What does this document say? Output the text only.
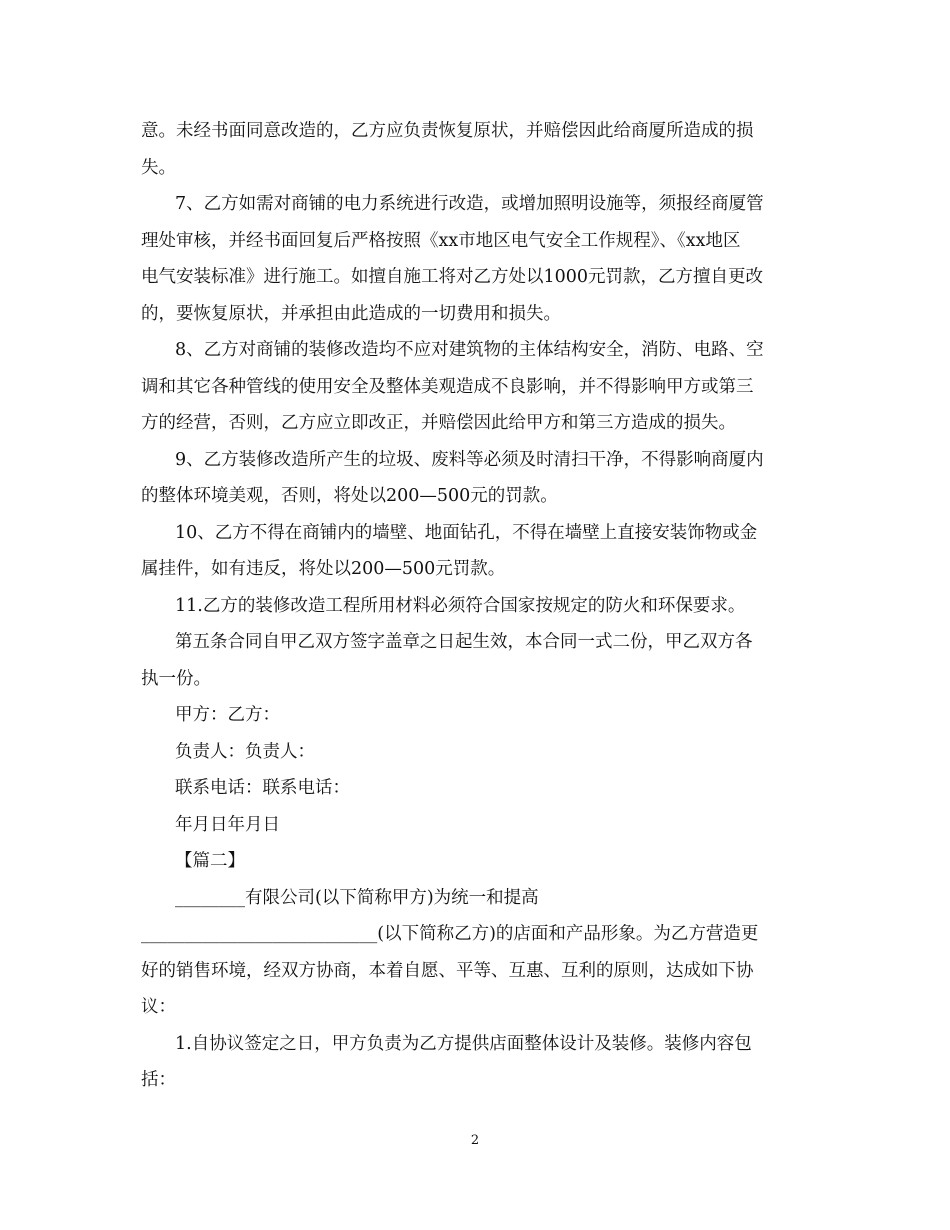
意。未经书面同意改造的，乙方应负责恢复原状，并赔偿因此给商厦所造成的损
失。
7、乙方如需对商铺的电力系统进行改造，或增加照明设施等，须报经商厦管
理处审核，并经书面回复后严格按照《xx市地区电气安全工作规程》、《xx地区
电气安装标准》进行施工。如擅自施工将对乙方处以1000元罚款，乙方擅自更改
的，要恢复原状，并承担由此造成的一切费用和损失。
8、乙方对商铺的装修改造均不应对建筑物的主体结构安全，消防、电路、空
调和其它各种管线的使用安全及整体美观造成不良影响，并不得影响甲方或第三
方的经营，否则，乙方应立即改正，并赔偿因此给甲方和第三方造成的损失。
9、乙方装修改造所产生的垃圾、废料等必须及时清扫干净，不得影响商厦内
的整体环境美观，否则，将处以200—500元的罚款。
10、乙方不得在商铺内的墙壁、地面钻孔，不得在墙壁上直接安装饰物或金
属挂件，如有违反，将处以200—500元罚款。
11.乙方的装修改造工程所用材料必须符合国家按规定的防火和环保要求。
第五条合同自甲乙双方签字盖章之日起生效，本合同一式二份，甲乙双方各
执一份。
甲方：乙方：
负责人：负责人：
联系电话：联系电话：
年月日年月日
【篇二】
________有限公司(以下简称甲方)为统一和提高
___________________________(以下简称乙方)的店面和产品形象。为乙方营造更
好的销售环境，经双方协商，本着自愿、平等、互惠、互利的原则，达成如下协
议：
1.自协议签定之日，甲方负责为乙方提供店面整体设计及装修。装修内容包
括：
2
